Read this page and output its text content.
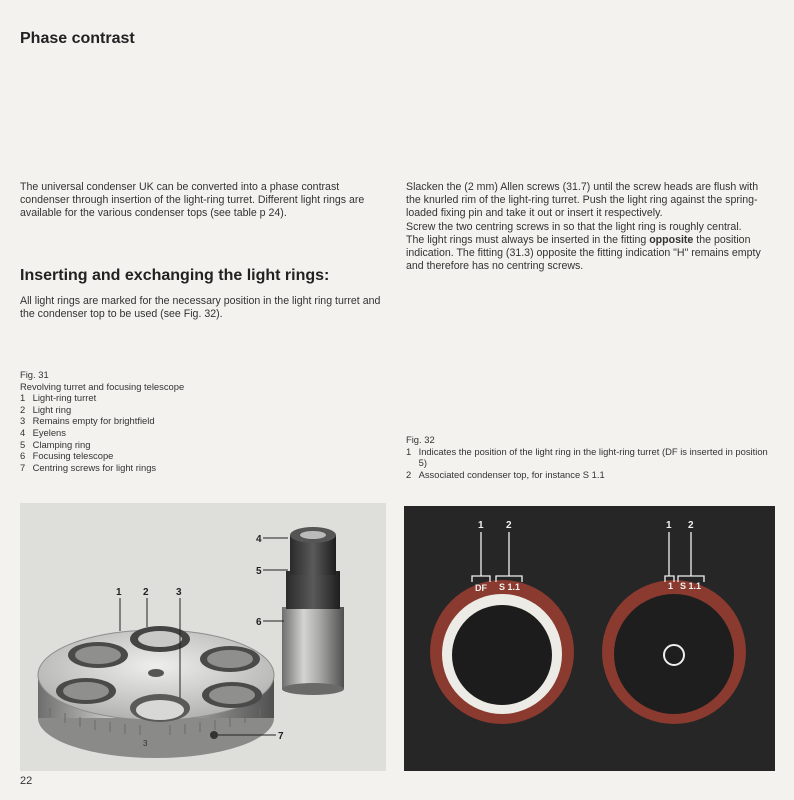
Phase contrast
The universal condenser UK can be converted into a phase contrast condenser through insertion of the light-ring turret. Different light rings are available for the various condenser tops (see table p 24).
Inserting and exchanging the light rings:
All light rings are marked for the necessary position in the light ring turret and the condenser top to be used (see Fig. 32).

Slacken the (2 mm) Allen screws (31.7) until the screw heads are flush with the knurled rim of the light-ring turret. Push the light ring against the spring-loaded fixing pin and take it out or insert it respectively.

Screw the two centring screws in so that the light ring is roughly central.

The light rings must always be inserted in the fitting opposite the position indication. The fitting (31.3) opposite the fitting indication "H" remains empty and therefore has no centring screws.

Fig. 31
Revolving turret and focusing telescope
1 Light-ring turret
2 Light ring
3 Remains empty for brightfield
4 Eyelens
5 Clamping ring
6 Focusing telescope
7 Centring screws for light rings
Fig. 32
1 Indicates the position of the light ring in the light-ring turret (DF is inserted in position 5)
2 Associated condenser top, for instance S 1.1
3
1 2	3
4
5
6
7
DF S 1.1	1 S 1.1
1 2	1 2
22
